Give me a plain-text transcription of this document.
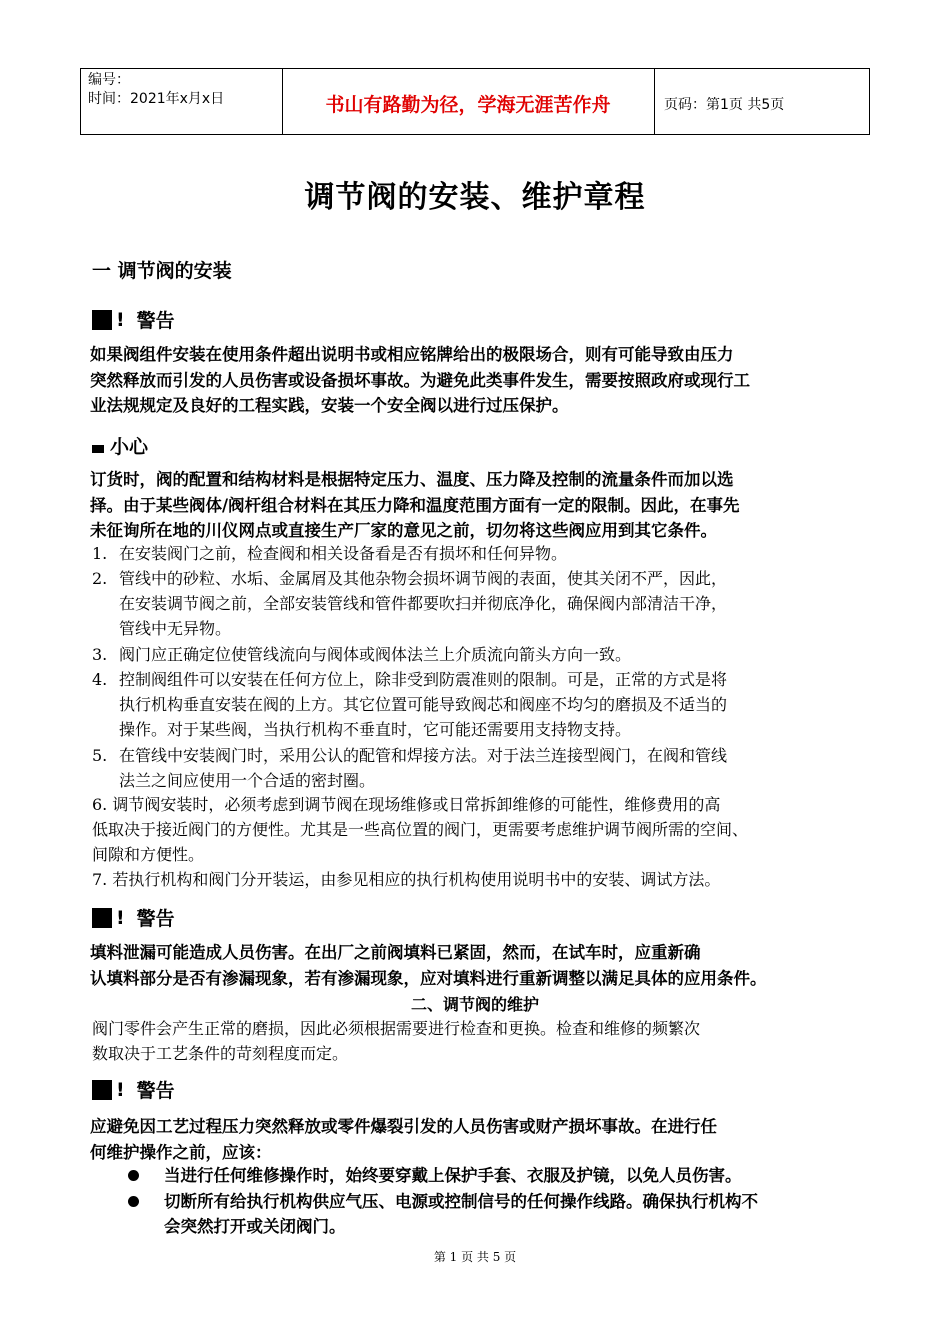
编号：
时间：2021年x月x日	书山有路勤为径，学海无涯苦作舟	页码：第1页 共5页
调节阀的安装、维护章程
一 调节阀的安装
! 警告

如果阀组件安装在使用条件超出说明书或相应铭牌给出的极限场合，则有可能导致由压力

突然释放而引发的人员伤害或设备损坏事故。为避免此类事件发生，需要按照政府或现行工

业法规规定及良好的工程实践，安装一个安全阀以进行过压保护。

小心

订货时，阀的配置和结构材料是根据特定压力、温度、压力降及控制的流量条件而加以选

择。由于某些阀体/阀杆组合材料在其压力降和温度范围方面有一定的限制。因此，在事先

未征询所在地的川仪网点或直接生产厂家的意见之前，切勿将这些阀应用到其它条件。

1. 在安装阀门之前，检查阀和相关设备看是否有损坏和任何异物。

2. 管线中的砂粒、水垢、金属屑及其他杂物会损坏调节阀的表面，使其关闭不严，因此，

在安装调节阀之前，全部安装管线和管件都要吹扫并彻底净化，确保阀内部清洁干净，

管线中无异物。

3. 阀门应正确定位使管线流向与阀体或阀体法兰上介质流向箭头方向一致。

4. 控制阀组件可以安装在任何方位上，除非受到防震准则的限制。可是，正常的方式是将

执行机构垂直安装在阀的上方。其它位置可能导致阀芯和阀座不均匀的磨损及不适当的

操作。对于某些阀，当执行机构不垂直时，它可能还需要用支持物支持。

5. 在管线中安装阀门时，采用公认的配管和焊接方法。对于法兰连接型阀门，在阀和管线

法兰之间应使用一个合适的密封圈。

6. 调节阀安装时，必须考虑到调节阀在现场维修或日常拆卸维修的可能性，维修费用的高

低取决于接近阀门的方便性。尤其是一些高位置的阀门，更需要考虑维护调节阀所需的空间、

间隙和方便性。

7. 若执行机构和阀门分开装运，由参见相应的执行机构使用说明书中的安装、调试方法。

! 警告

填料泄漏可能造成人员伤害。在出厂之前阀填料已紧固，然而，在试车时，应重新确

认填料部分是否有渗漏现象，若有渗漏现象，应对填料进行重新调整以满足具体的应用条件。

二、调节阀的维护

阀门零件会产生正常的磨损，因此必须根据需要进行检查和更换。检查和维修的频繁次

数取决于工艺条件的苛刻程度而定。

! 警告

应避免因工艺过程压力突然释放或零件爆裂引发的人员伤害或财产损坏事故。在进行任

何维护操作之前，应该：

当进行任何维修操作时，始终要穿戴上保护手套、衣服及护镜，以免人员伤害。

切断所有给执行机构供应气压、电源或控制信号的任何操作线路。确保执行机构不

会突然打开或关闭阀门。

第 1 页 共 5 页
